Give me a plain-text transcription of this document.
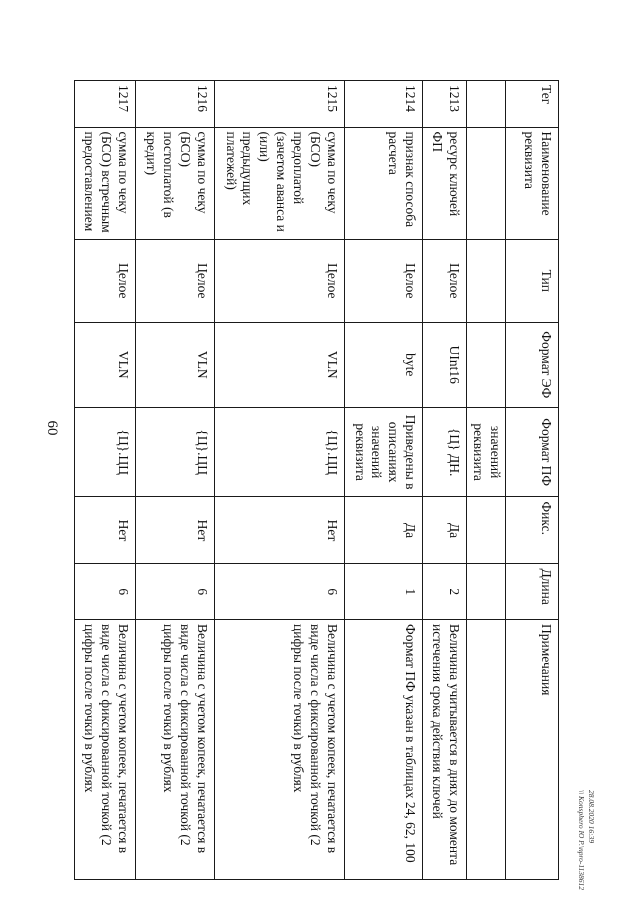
60
Тег	Наименование реквизита	Тип	Формат ЭФ	Формат ПФ	Фикс.	Длина	Примечания
				значений реквизита			
1213	ресурс ключей ФП	Целое	UInt16	{Ц} ДН.	Да	2	Величина учитывается в днях до момента истечения срока действия ключей
1214	признак способа расчета	Целое	byte	Приведены в описаниях значений реквизита	Да	1	Формат ПФ указан в таблицах 24, 62, 100
1215	сумма по чеку (БСО) предоплатой (зачетом аванса и (или) предыдущих платежей)	Целое	VLN	{Ц}.ЦЦ	Нет	6	Величина с учетом копеек, печатается в виде числа с фиксированной точкой (2 цифры после точки) в рублях
1216	сумма по чеку (БСО) постоплатой (в кредит)	Целое	VLN	{Ц}.ЦЦ	Нет	6	Величина с учетом копеек, печатается в виде числа с фиксированной точкой (2 цифры после точки) в рублях
1217	сумма по чеку (БСО) встречным предоставлением	Целое	VLN	{Ц}.ЦЦ	Нет	6	Величина с учетом копеек, печатается в виде числа с фиксированной точкой (2 цифры после точки) в рублях
28.08.2020 16:39
\\ Konsphero Ю Р.\npro-1138612
